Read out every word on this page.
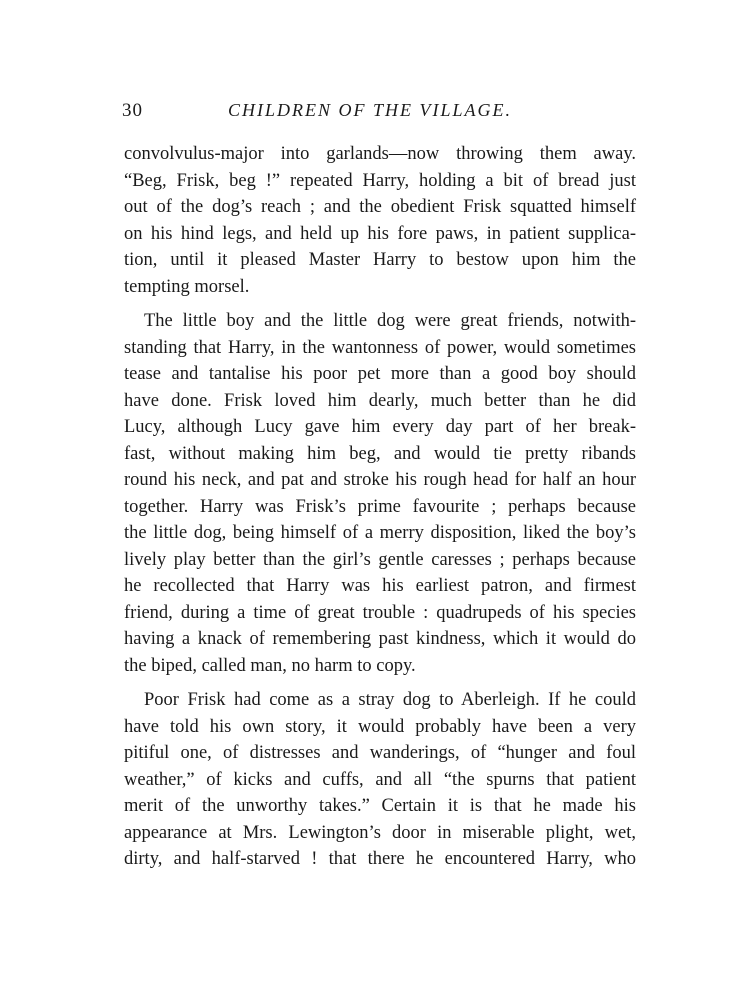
30	CHILDREN OF THE VILLAGE.
convolvulus-major into garlands—now throwing them away.
“Beg, Frisk, beg !” repeated Harry, holding a bit of bread just
out of the dog’s reach ; and the obedient Frisk squatted himself
on his hind legs, and held up his fore paws, in patient supplica-
tion, until it pleased Master Harry to bestow upon him the
tempting morsel.
The little boy and the little dog were great friends, notwith-
standing that Harry, in the wantonness of power, would sometimes
tease and tantalise his poor pet more than a good boy should
have done. Frisk loved him dearly, much better than he did
Lucy, although Lucy gave him every day part of her break-
fast, without making him beg, and would tie pretty ribands
round his neck, and pat and stroke his rough head for half an hour
together. Harry was Frisk’s prime favourite ; perhaps because
the little dog, being himself of a merry disposition, liked the boy’s
lively play better than the girl’s gentle caresses ; perhaps because
he recollected that Harry was his earliest patron, and firmest
friend, during a time of great trouble : quadrupeds of his species
having a knack of remembering past kindness, which it would do
the biped, called man, no harm to copy.
Poor Frisk had come as a stray dog to Aberleigh. If he could
have told his own story, it would probably have been a very
pitiful one, of distresses and wanderings, of “hunger and foul
weather,” of kicks and cuffs, and all “the spurns that patient
merit of the unworthy takes.” Certain it is that he made his
appearance at Mrs. Lewington’s door in miserable plight, wet,
dirty, and half-starved ! that there he encountered Harry, who
